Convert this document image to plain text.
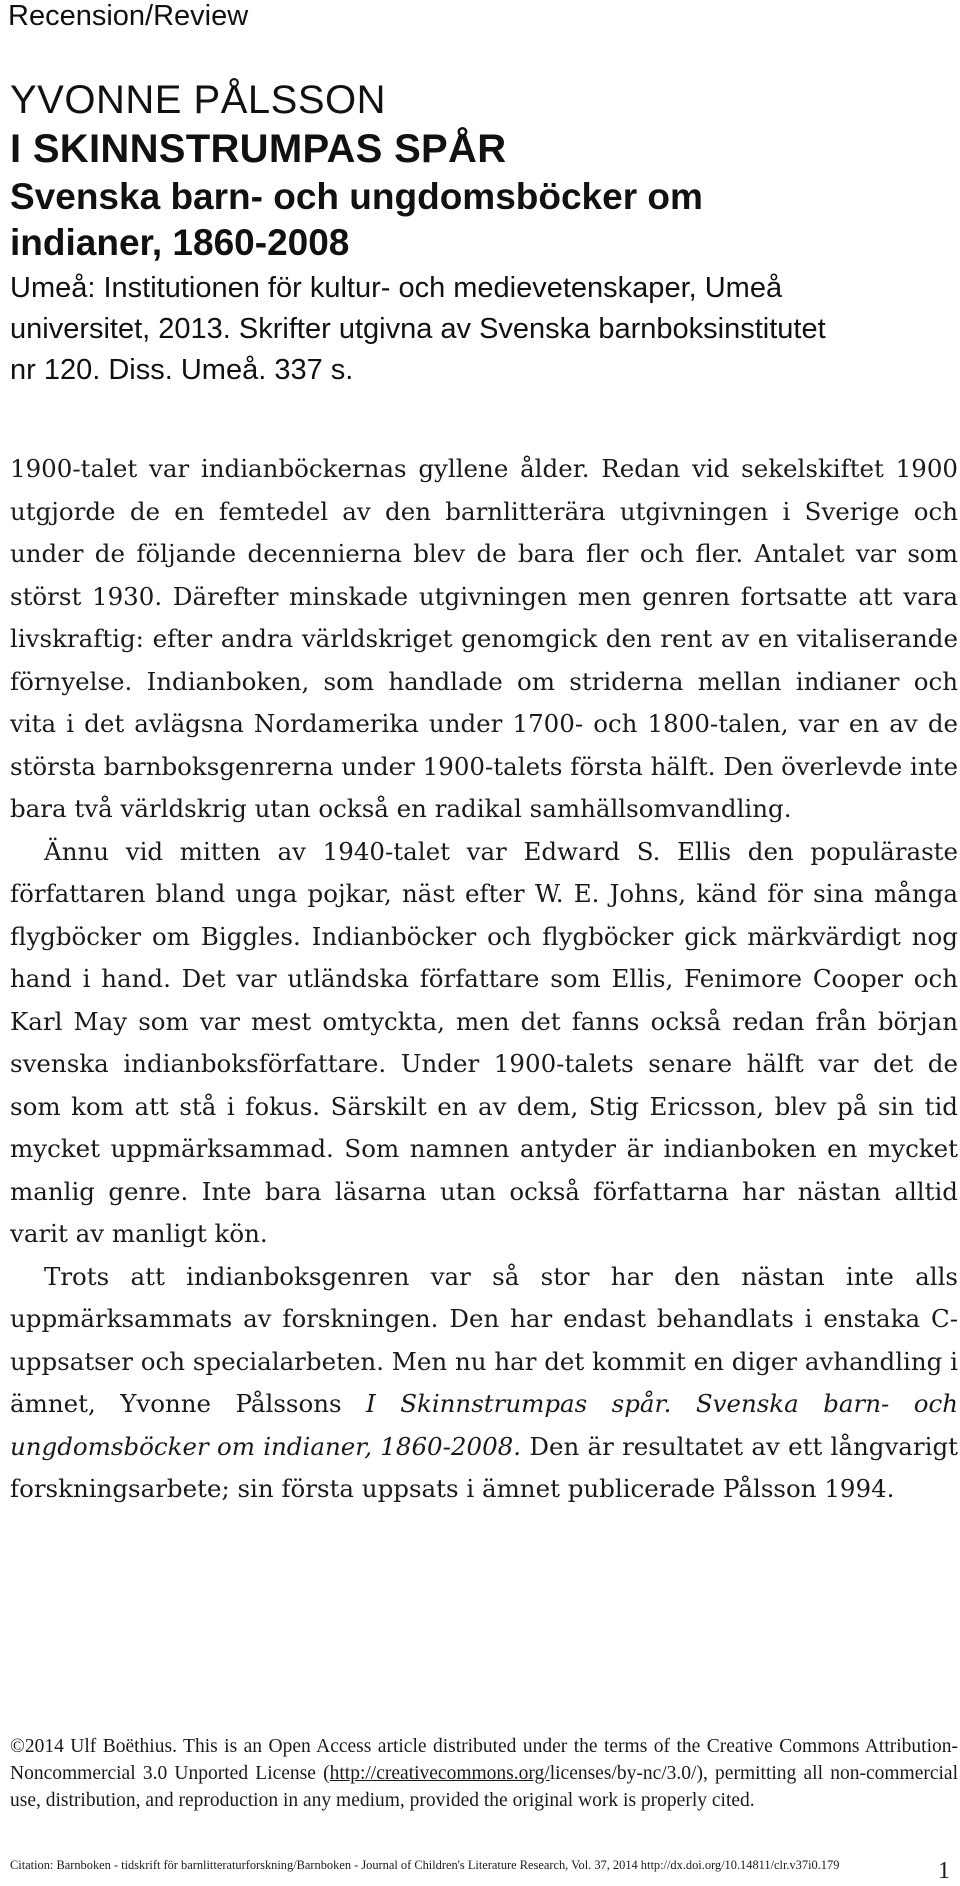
Recension/Review
YVONNE PÅLSSON
I SKINNSTRUMPAS SPÅR
Svenska barn- och ungdomsböcker om
indianer, 1860-2008
Umeå: Institutionen för kultur- och medievetenskaper, Umeå
universitet, 2013. Skrifter utgivna av Svenska barnboksinstitutet
nr 120. Diss. Umeå. 337 s.

1900-talet var indianböckernas gyllene ålder. Redan vid sekelskiftet 1900 utgjorde de en femtedel av den barnlitterära utgivningen i Sverige och under de följande decennierna blev de bara fler och fler. Antalet var som störst 1930. Därefter minskade utgivningen men genren fortsatte att vara livskraftig: efter andra världskriget genomgick den rent av en vitaliserande förnyelse. Indianboken, som handlade om striderna mellan indianer och vita i det avlägsna Nordamerika under 1700- och 1800-talen, var en av de största barnboksgenrerna under 1900-talets första hälft. Den överlevde inte bara två världskrig utan också en radikal samhällsomvandling.

Ännu vid mitten av 1940-talet var Edward S. Ellis den populäraste författaren bland unga pojkar, näst efter W. E. Johns, känd för sina många flygböcker om Biggles. Indianböcker och flygböcker gick märkvärdigt nog hand i hand. Det var utländska författare som Ellis, Fenimore Cooper och Karl May som var mest omtyckta, men det fanns också redan från början svenska indianboksförfattare. Under 1900-talets senare hälft var det de som kom att stå i fokus. Särskilt en av dem, Stig Ericsson, blev på sin tid mycket uppmärksammad. Som namnen antyder är indianboken en mycket manlig genre. Inte bara läsarna utan också författarna har nästan alltid varit av manligt kön.

Trots att indianboksgenren var så stor har den nästan inte alls uppmärksammats av forskningen. Den har endast behandlats i enstaka C-uppsatser och specialarbeten. Men nu har det kommit en diger avhandling i ämnet, Yvonne Pålssons I Skinnstrumpas spår. Svenska barn- och ungdomsböcker om indianer, 1860-2008. Den är resultatet av ett långvarigt forskningsarbete; sin första uppsats i ämnet publicerade Pålsson 1994.

©2014 Ulf Boëthius. This is an Open Access article distributed under the terms of the Creative Commons Attribution-Noncommercial 3.0 Unported License (http://creativecommons.org/licenses/by-nc/3.0/), permitting all non-commercial use, distribution, and reproduction in any medium, provided the original work is properly cited.
Citation: Barnboken - tidskrift för barnlitteraturforskning/Barnboken - Journal of Children's Literature Research, Vol. 37, 2014 http://dx.doi.org/10.14811/clr.v37i0.179	1
